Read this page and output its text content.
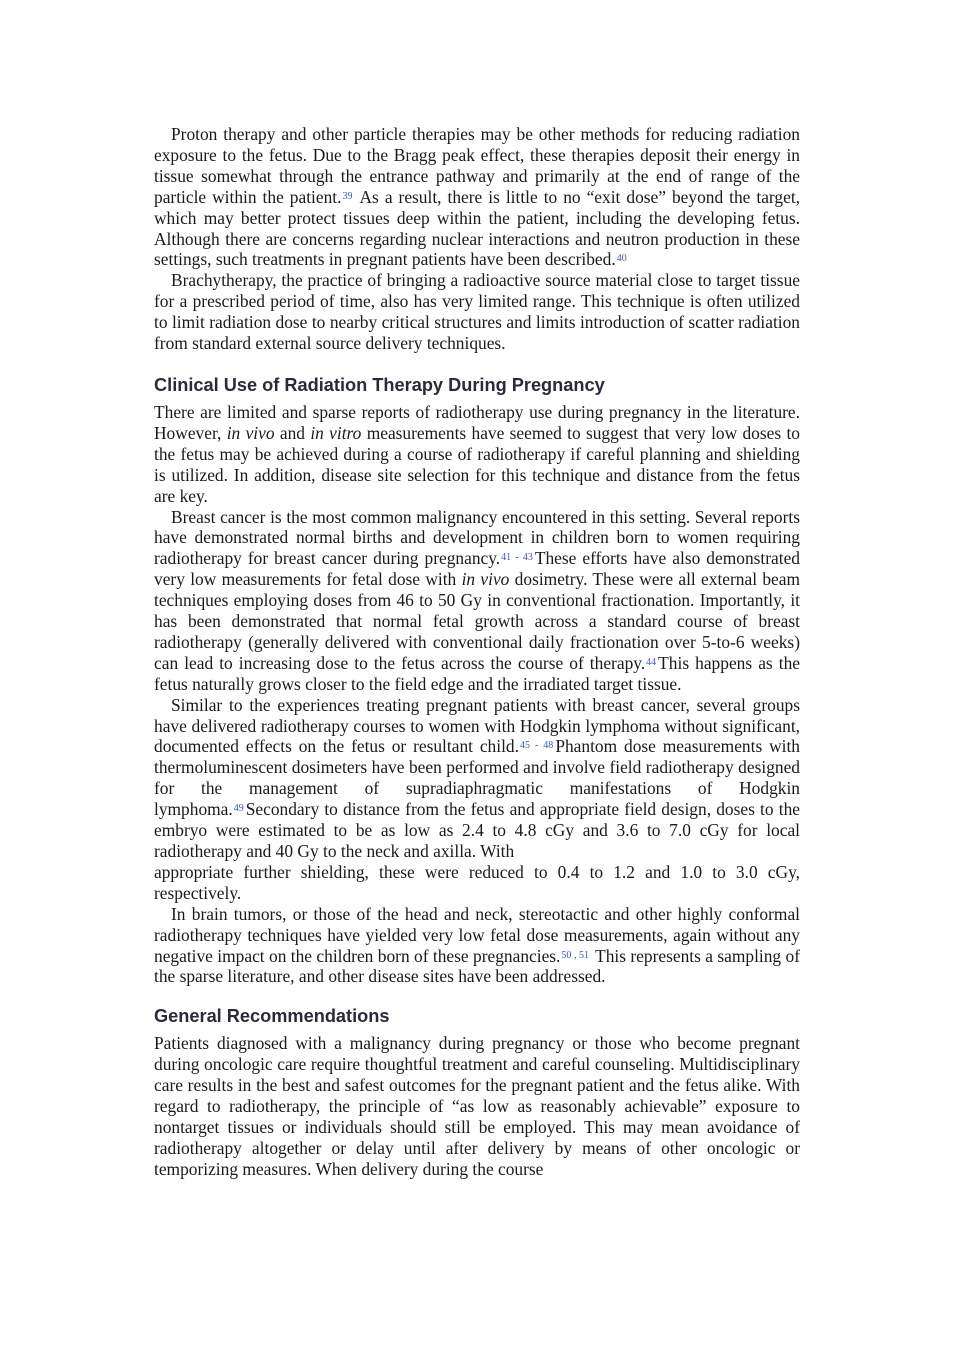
Proton therapy and other particle therapies may be other methods for reducing radiation exposure to the fetus. Due to the Bragg peak effect, these therapies deposit their energy in tissue somewhat through the entrance pathway and primarily at the end of range of the particle within the patient.$^{39}$ As a result, there is little to no “exit dose” beyond the target, which may better protect tissues deep within the patient, including the developing fetus. Although there are concerns regarding nuclear interactions and neutron production in these settings, such treatments in pregnant patients have been described.$^{40}$

Brachytherapy, the practice of bringing a radioactive source material close to target tissue for a prescribed period of time, also has very limited range. This technique is often utilized to limit radiation dose to nearby critical structures and limits introduction of scatter radiation from standard external source delivery techniques.

Clinical Use of Radiation Therapy During Pregnancy

There are limited and sparse reports of radiotherapy use during pregnancy in the literature. However, in vivo and in vitro measurements have seemed to suggest that very low doses to the fetus may be achieved during a course of radiotherapy if careful planning and shielding is utilized. In addition, disease site selection for this technique and distance from the fetus are key.

Breast cancer is the most common malignancy encountered in this setting. Several reports have demonstrated normal births and development in children born to women requiring radiotherapy for breast cancer during pregnancy.$^{41 - 43}$ These efforts have also demonstrated very low measurements for fetal dose with in vivo dosimetry. These were all external beam techniques employing doses from 46 to 50 Gy in conventional fractionation. Importantly, it has been demonstrated that normal fetal growth across a standard course of breast radiotherapy (generally delivered with conventional daily fractionation over 5-to-6 weeks) can lead to increasing dose to the fetus across the course of therapy.$^{44}$ This happens as the fetus naturally grows closer to the field edge and the irradiated target tissue.

Similar to the experiences treating pregnant patients with breast cancer, several groups have delivered radiotherapy courses to women with Hodgkin lymphoma without significant, documented effects on the fetus or resultant child.$^{45 - 48}$ Phantom dose measurements with thermoluminescent dosimeters have been performed and involve field radiotherapy designed for the management of supradiaphragmatic manifestations of Hodgkin lymphoma.$^{49}$ Secondary to distance from the fetus and appropriate field design, doses to the embryo were estimated to be as low as 2.4 to 4.8 cGy and 3.6 to 7.0 cGy for local radiotherapy and 40 Gy to the neck and axilla. With
appropriate further shielding, these were reduced to 0.4 to 1.2 and 1.0 to 3.0 cGy, respectively.

In brain tumors, or those of the head and neck, stereotactic and other highly conformal radiotherapy techniques have yielded very low fetal dose measurements, again without any negative impact on the children born of these pregnancies.$^{50 , 51}$ This represents a sampling of the sparse literature, and other disease sites have been addressed.

General Recommendations

Patients diagnosed with a malignancy during pregnancy or those who become pregnant during oncologic care require thoughtful treatment and careful counseling. Multidisciplinary care results in the best and safest outcomes for the pregnant patient and the fetus alike. With regard to radiotherapy, the principle of “as low as reasonably achievable” exposure to nontarget tissues or individuals should still be employed. This may mean avoidance of radiotherapy altogether or delay until after delivery by means of other oncologic or temporizing measures. When delivery during the course
